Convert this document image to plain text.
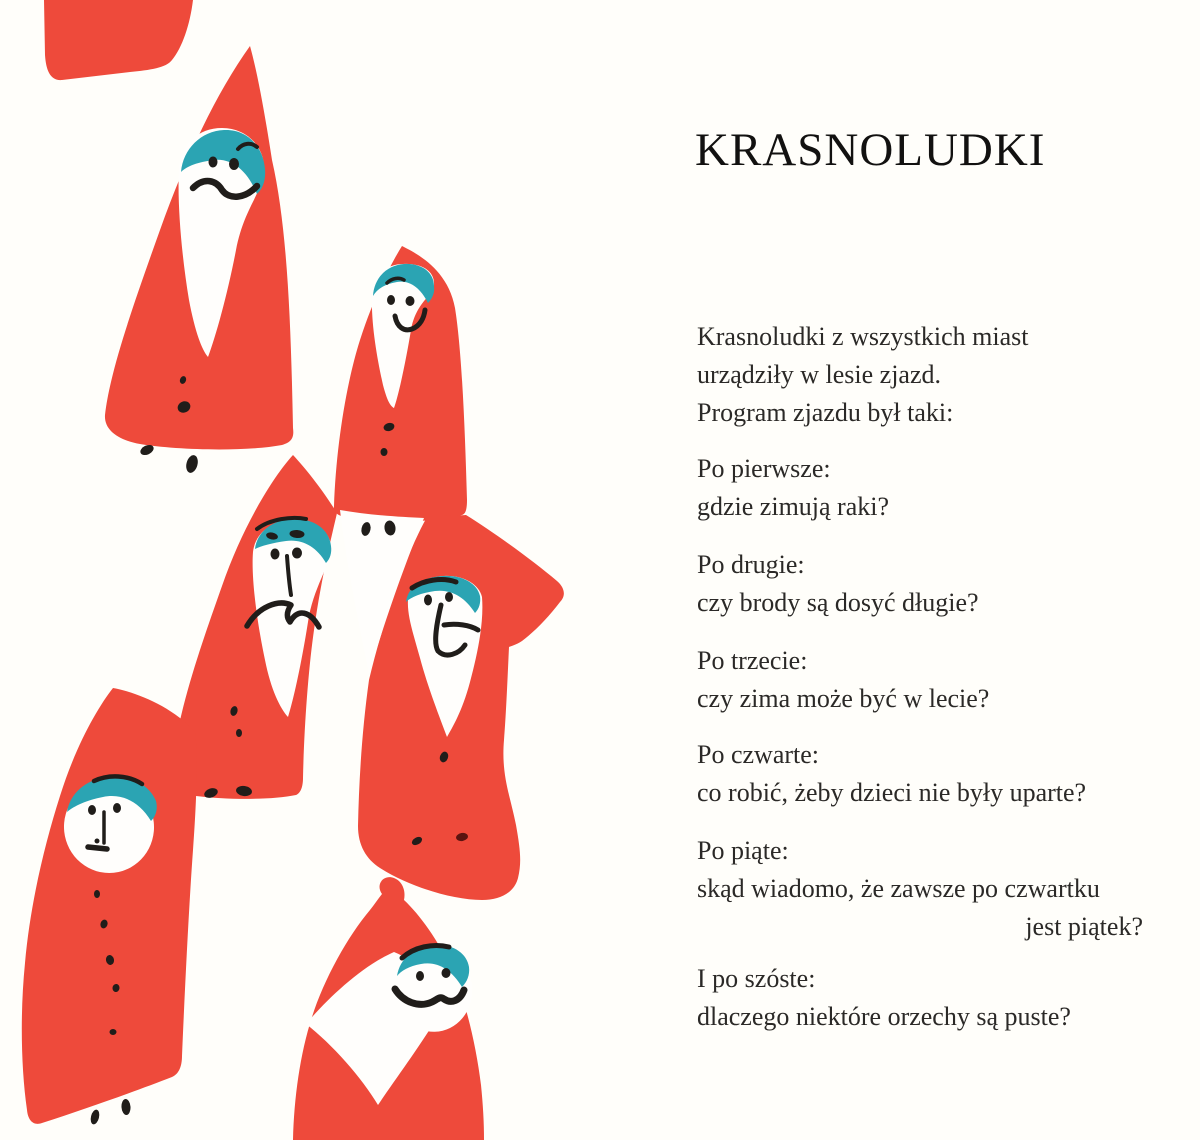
KRASNOLUDKI
Krasnoludki z wszystkich miast
urządziły w lesie zjazd.
Program zjazdu był taki:
Po pierwsze:
gdzie zimują raki?
Po drugie:
czy brody są dosyć długie?
Po trzecie:
czy zima może być w lecie?
Po czwarte:
co robić, żeby dzieci nie były uparte?
Po piąte:
skąd wiadomo, że zawsze po czwartku
jest piątek?
I po szóste:
dlaczego niektóre orzechy są puste?
